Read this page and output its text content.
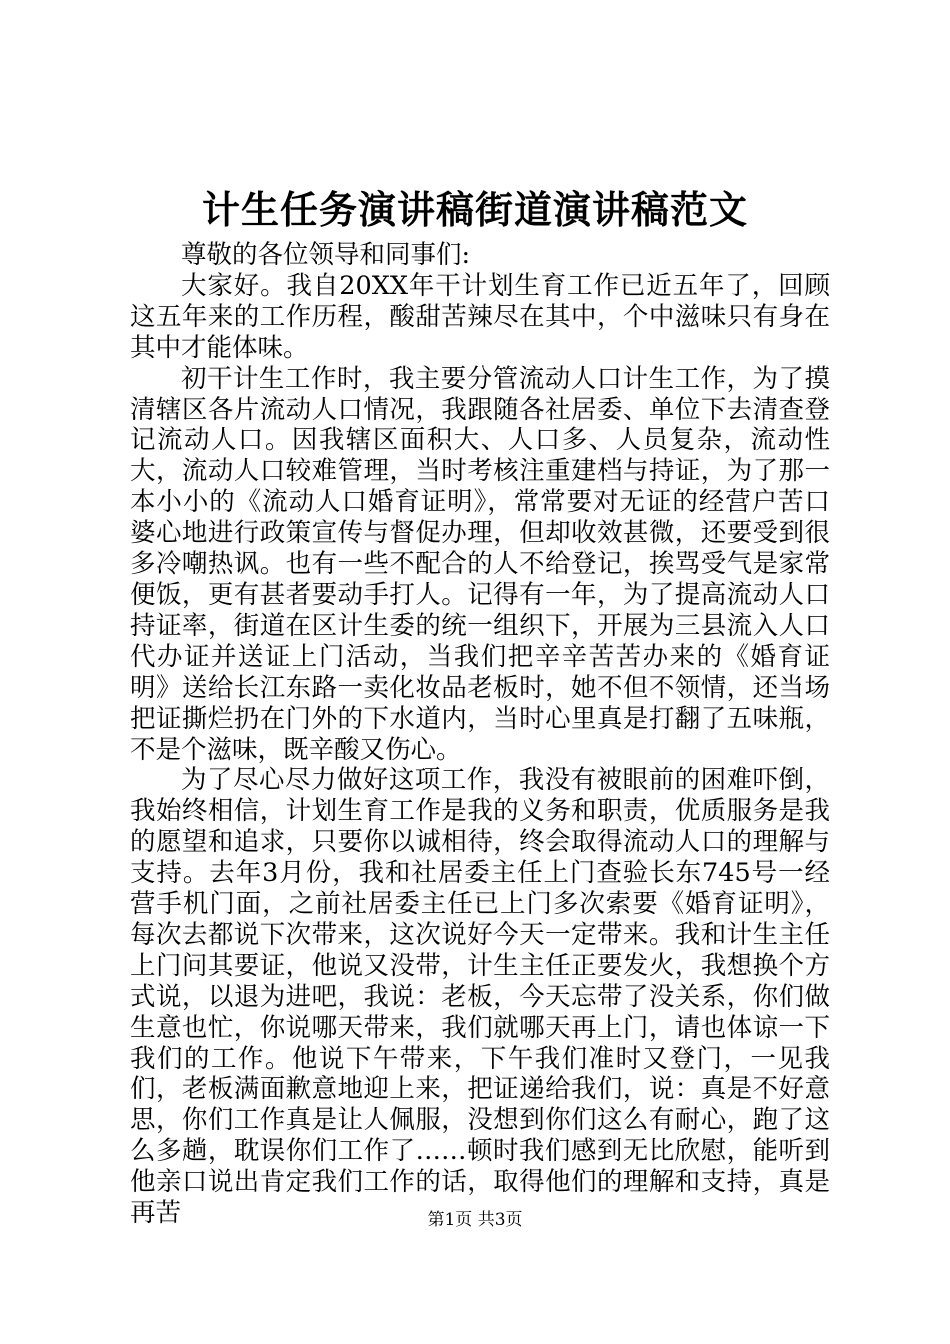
计生任务演讲稿街道演讲稿范文

尊敬的各位领导和同事们:

大家好。我自20XX年干计划生育工作已近五年了，回顾这五年来的工作历程，酸甜苦辣尽在其中，个中滋味只有身在其中才能体味。

初干计生工作时，我主要分管流动人口计生工作，为了摸清辖区各片流动人口情况，我跟随各社居委、单位下去清查登记流动人口。因我辖区面积大、人口多、人员复杂，流动性大，流动人口较难管理，当时考核注重建档与持证，为了那一本小小的《流动人口婚育证明》，常常要对无证的经营户苦口婆心地进行政策宣传与督促办理，但却收效甚微，还要受到很多冷嘲热讽。也有一些不配合的人不给登记，挨骂受气是家常便饭，更有甚者要动手打人。记得有一年，为了提高流动人口持证率，街道在区计生委的统一组织下，开展为三县流入人口代办证并送证上门活动，当我们把辛辛苦苦办来的《婚育证明》送给长江东路一卖化妆品老板时，她不但不领情，还当场把证撕烂扔在门外的下水道内，当时心里真是打翻了五味瓶，不是个滋味，既辛酸又伤心。

为了尽心尽力做好这项工作，我没有被眼前的困难吓倒，我始终相信，计划生育工作是我的义务和职责，优质服务是我的愿望和追求，只要你以诚相待，终会取得流动人口的理解与支持。去年3月份，我和社居委主任上门查验长东745号一经营手机门面，之前社居委主任已上门多次索要《婚育证明》，每次去都说下次带来，这次说好今天一定带来。我和计生主任上门问其要证，他说又没带，计生主任正要发火，我想换个方式说，以退为进吧，我说：老板，今天忘带了没关系，你们做生意也忙，你说哪天带来，我们就哪天再上门，请也体谅一下我们的工作。他说下午带来，下午我们准时又登门，一见我们，老板满面歉意地迎上来，把证递给我们，说：真是不好意思，你们工作真是让人佩服，没想到你们这么有耐心，跑了这么多趟，耽误你们工作了……顿时我们感到无比欣慰，能听到他亲口说出肯定我们工作的话，取得他们的理解和支持，真是再苦	第1页 共3页
